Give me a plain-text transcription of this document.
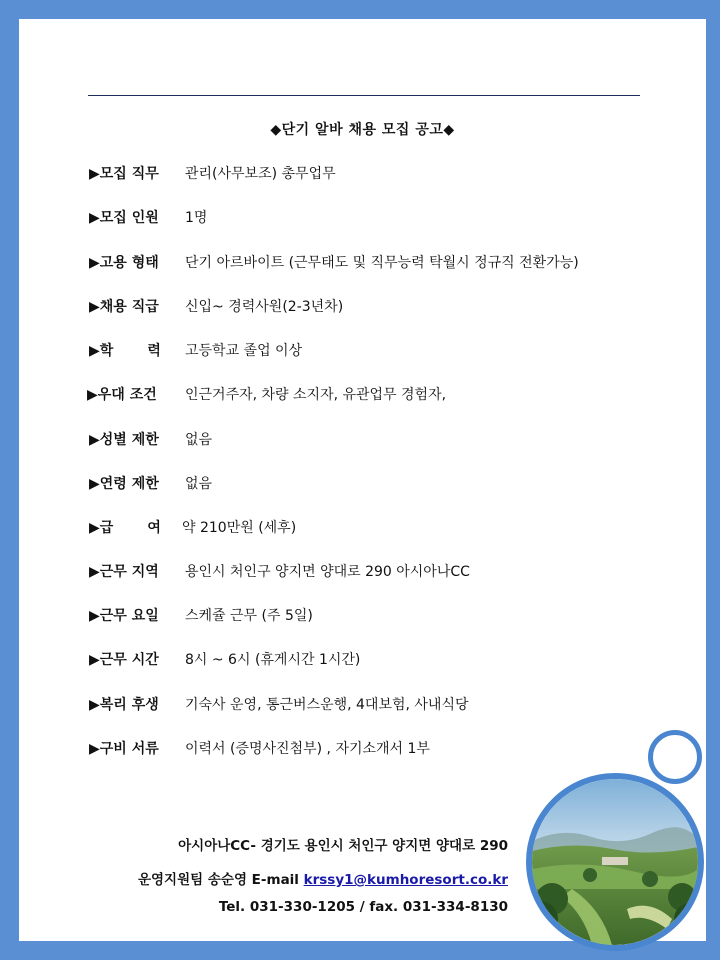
◆단기 알바 채용 모집 공고◆
▶모집 직무	관리(사무보조) 총무업무
▶모집 인원	1명
▶고용 형태	단기 아르바이트 (근무태도 및 직무능력 탁월시 정규직 전환가능)
▶채용 직급	신입~ 경력사원(2-3년차)
▶학       력	고등학교 졸업 이상
▶우대 조건	인근거주자, 차량 소지자, 유관업무 경험자,
▶성별 제한	없음
▶연령 제한	없음
▶급       여	약 210만원 (세후)
▶근무 지역	용인시 처인구 양지면 양대로 290 아시아나CC
▶근무 요일	스케쥴 근무 (주 5일)
▶근무 시간	8시 ~ 6시 (휴게시간 1시간)
▶복리 후생	기숙사 운영, 통근버스운행, 4대보험, 사내식당
▶구비 서류	이력서 (증명사진첨부) , 자기소개서 1부
아시아나CC- 경기도 용인시 처인구 양지면 양대로 290
운영지원팀 송순영 E-mail krssy1@kumhoresort.co.kr
Tel. 031-330-1205 / fax. 031-334-8130
